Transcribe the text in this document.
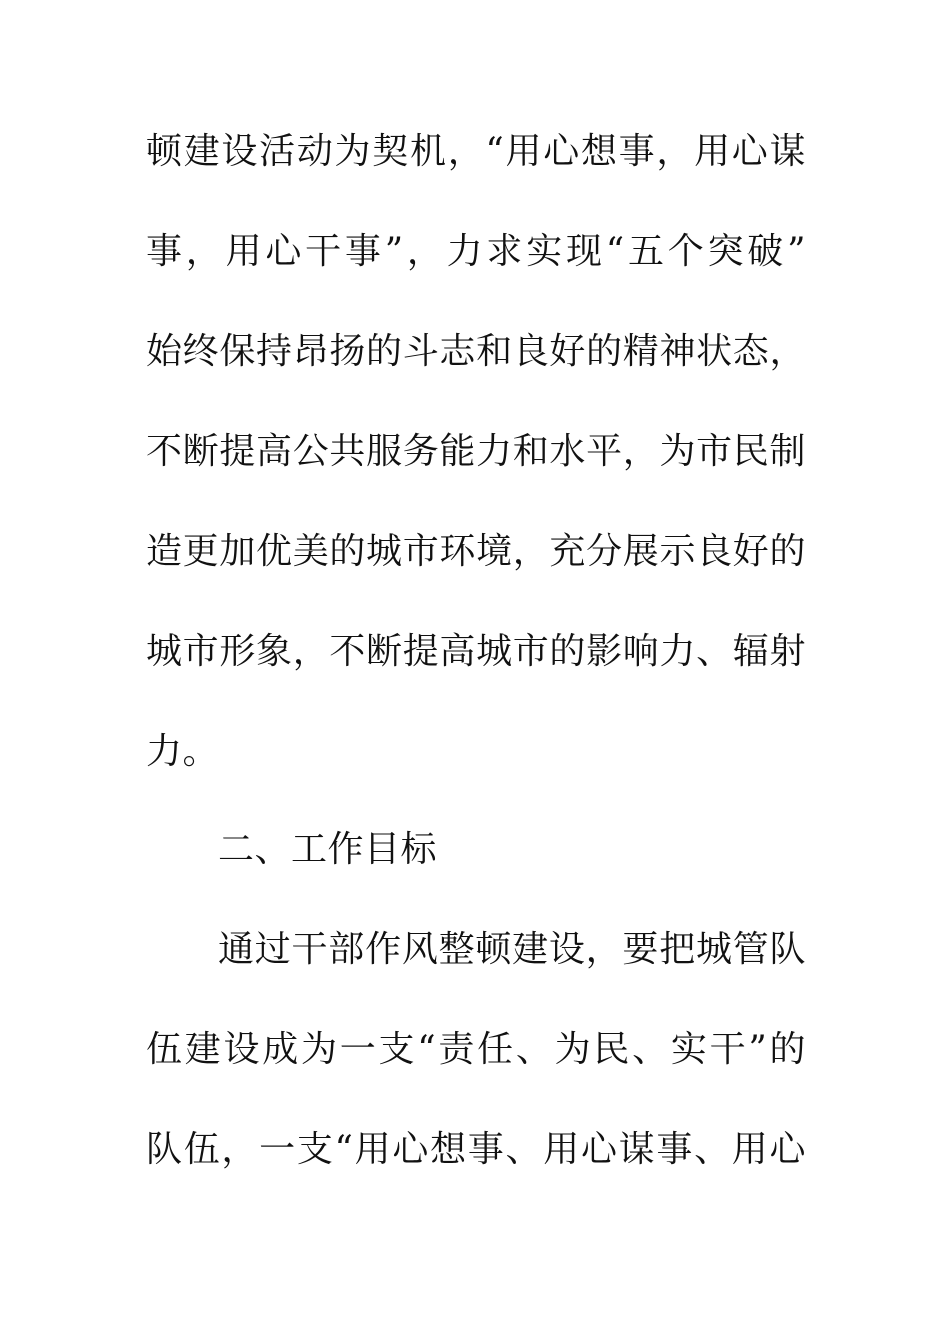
顿建设活动为契机，“用心想事，用心谋
事，用心干事”，力求实现“五个突破”
始终保持昂扬的斗志和良好的精神状态，
不断提高公共服务能力和水平，为市民制
造更加优美的城市环境，充分展示良好的
城市形象，不断提高城市的影响力、辐射
力。
二、工作目标
通过干部作风整顿建设，要把城管队
伍建设成为一支“责任、为民、实干”的
队伍，一支“用心想事、用心谋事、用心
